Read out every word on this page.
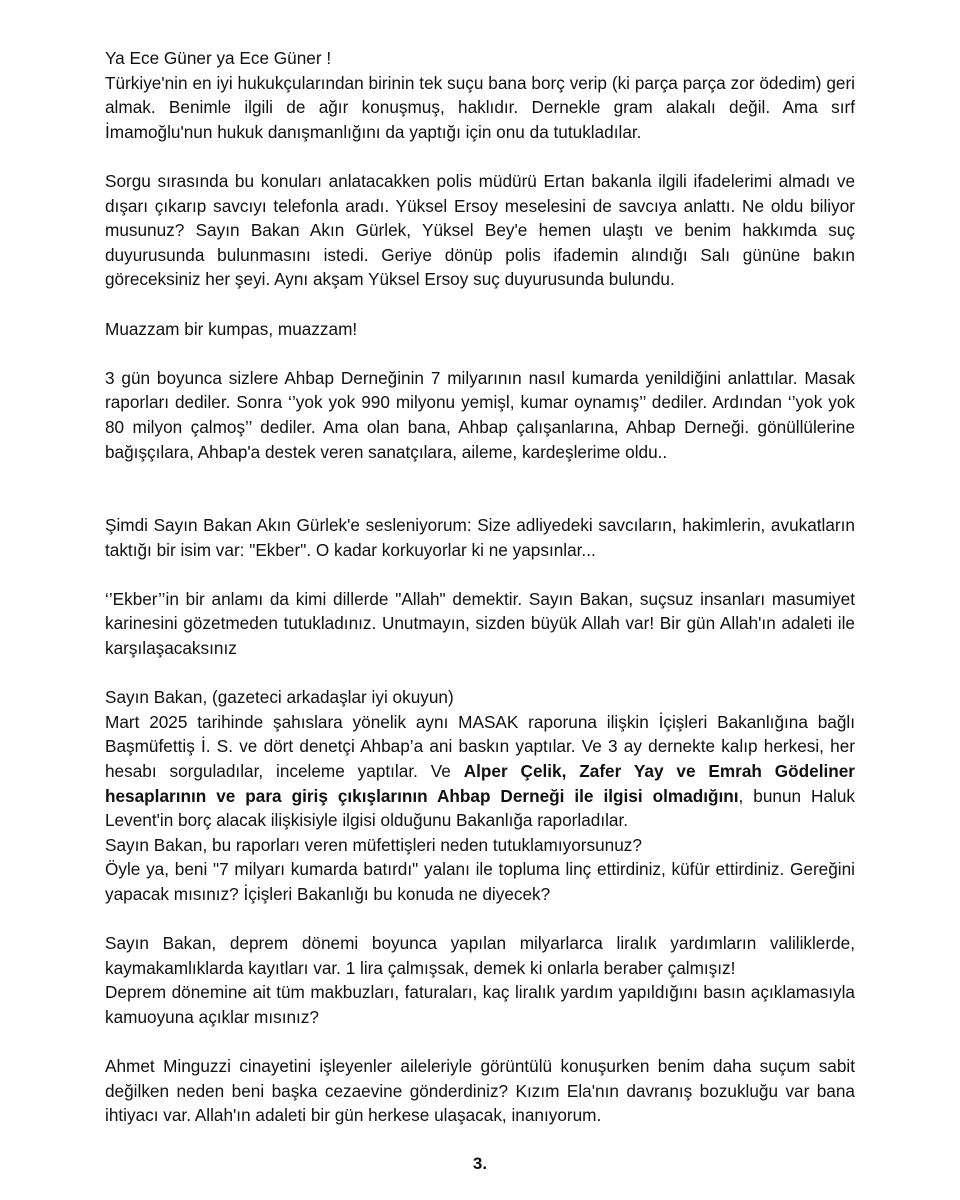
Ya Ece Güner ya Ece Güner !

Türkiye'nin en iyi hukukçularından birinin tek suçu bana borç verip (ki parça parça zor ödedim) geri almak. Benimle ilgili de ağır konuşmuş, haklıdır. Dernekle gram alakalı değil. Ama sırf İmamoğlu'nun hukuk danışmanlığını da yaptığı için onu da tutukladılar.

Sorgu sırasında bu konuları anlatacakken polis müdürü Ertan bakanla ilgili ifadelerimi almadı ve dışarı çıkarıp savcıyı telefonla aradı. Yüksel Ersoy meselesini de savcıya anlattı. Ne oldu biliyor musunuz? Sayın Bakan Akın Gürlek, Yüksel Bey'e hemen ulaştı ve benim hakkımda suç duyurusunda bulunmasını istedi. Geriye dönüp polis ifademin alındığı Salı gününe bakın göreceksiniz her şeyi. Aynı akşam Yüksel Ersoy suç duyurusunda bulundu.

Muazzam bir kumpas, muazzam!

3 gün boyunca sizlere Ahbap Derneğinin 7 milyarının nasıl kumarda yenildiğini anlattılar. Masak raporları dediler. Sonra ‘’yok yok 990 milyonu yemişl, kumar oynamış’’ dediler. Ardından ‘’yok yok 80 milyon çalmoş’’ dediler. Ama olan bana, Ahbap çalışanlarına, Ahbap Derneği. gönüllülerine bağışçılara, Ahbap'a destek veren sanatçılara, aileme, kardeşlerime oldu..

Şimdi Sayın Bakan Akın Gürlek'e sesleniyorum: Size adliyedeki savcıların, hakimlerin, avukatların taktığı bir isim var: "Ekber". O kadar korkuyorlar ki ne yapsınlar...

‘’Ekber’’in bir anlamı da kimi dillerde "Allah" demektir. Sayın Bakan, suçsuz insanları masumiyet karinesini gözetmeden tutukladınız. Unutmayın, sizden büyük Allah var! Bir gün Allah'ın adaleti ile karşılaşacaksınız

Sayın Bakan, (gazeteci arkadaşlar iyi okuyun)

Mart 2025 tarihinde şahıslara yönelik aynı MASAK raporuna ilişkin İçişleri Bakanlığına bağlı Başmüfettiş İ. S. ve dört denetçi Ahbap’a ani baskın yaptılar. Ve 3 ay dernekte kalıp herkesi, her hesabı sorguladılar, inceleme yaptılar. Ve Alper Çelik, Zafer Yay ve Emrah Gödeliner hesaplarının ve para giriş çıkışlarının Ahbap Derneği ile ilgisi olmadığını, bunun Haluk Levent'in borç alacak ilişkisiyle ilgisi olduğunu Bakanlığa raporladılar.

Sayın Bakan, bu raporları veren müfettişleri neden tutuklamıyorsunuz?

Öyle ya, beni "7 milyarı kumarda batırdı" yalanı ile topluma linç ettirdiniz, küfür ettirdiniz. Gereğini yapacak mısınız? İçişleri Bakanlığı bu konuda ne diyecek?

Sayın Bakan, deprem dönemi boyunca yapılan milyarlarca liralık yardımların valiliklerde, kaymakamlıklarda kayıtları var. 1 lira çalmışsak, demek ki onlarla beraber çalmışız!

Deprem dönemine ait tüm makbuzları, faturaları, kaç liralık yardım yapıldığını basın açıklamasıyla kamuoyuna açıklar mısınız?

Ahmet Minguzzi cinayetini işleyenler aileleriyle görüntülü konuşurken benim daha suçum sabit değilken neden beni başka cezaevine gönderdiniz? Kızım Ela'nın davranış bozukluğu var bana ihtiyacı var. Allah'ın adaleti bir gün herkese ulaşacak, inanıyorum.

3.
